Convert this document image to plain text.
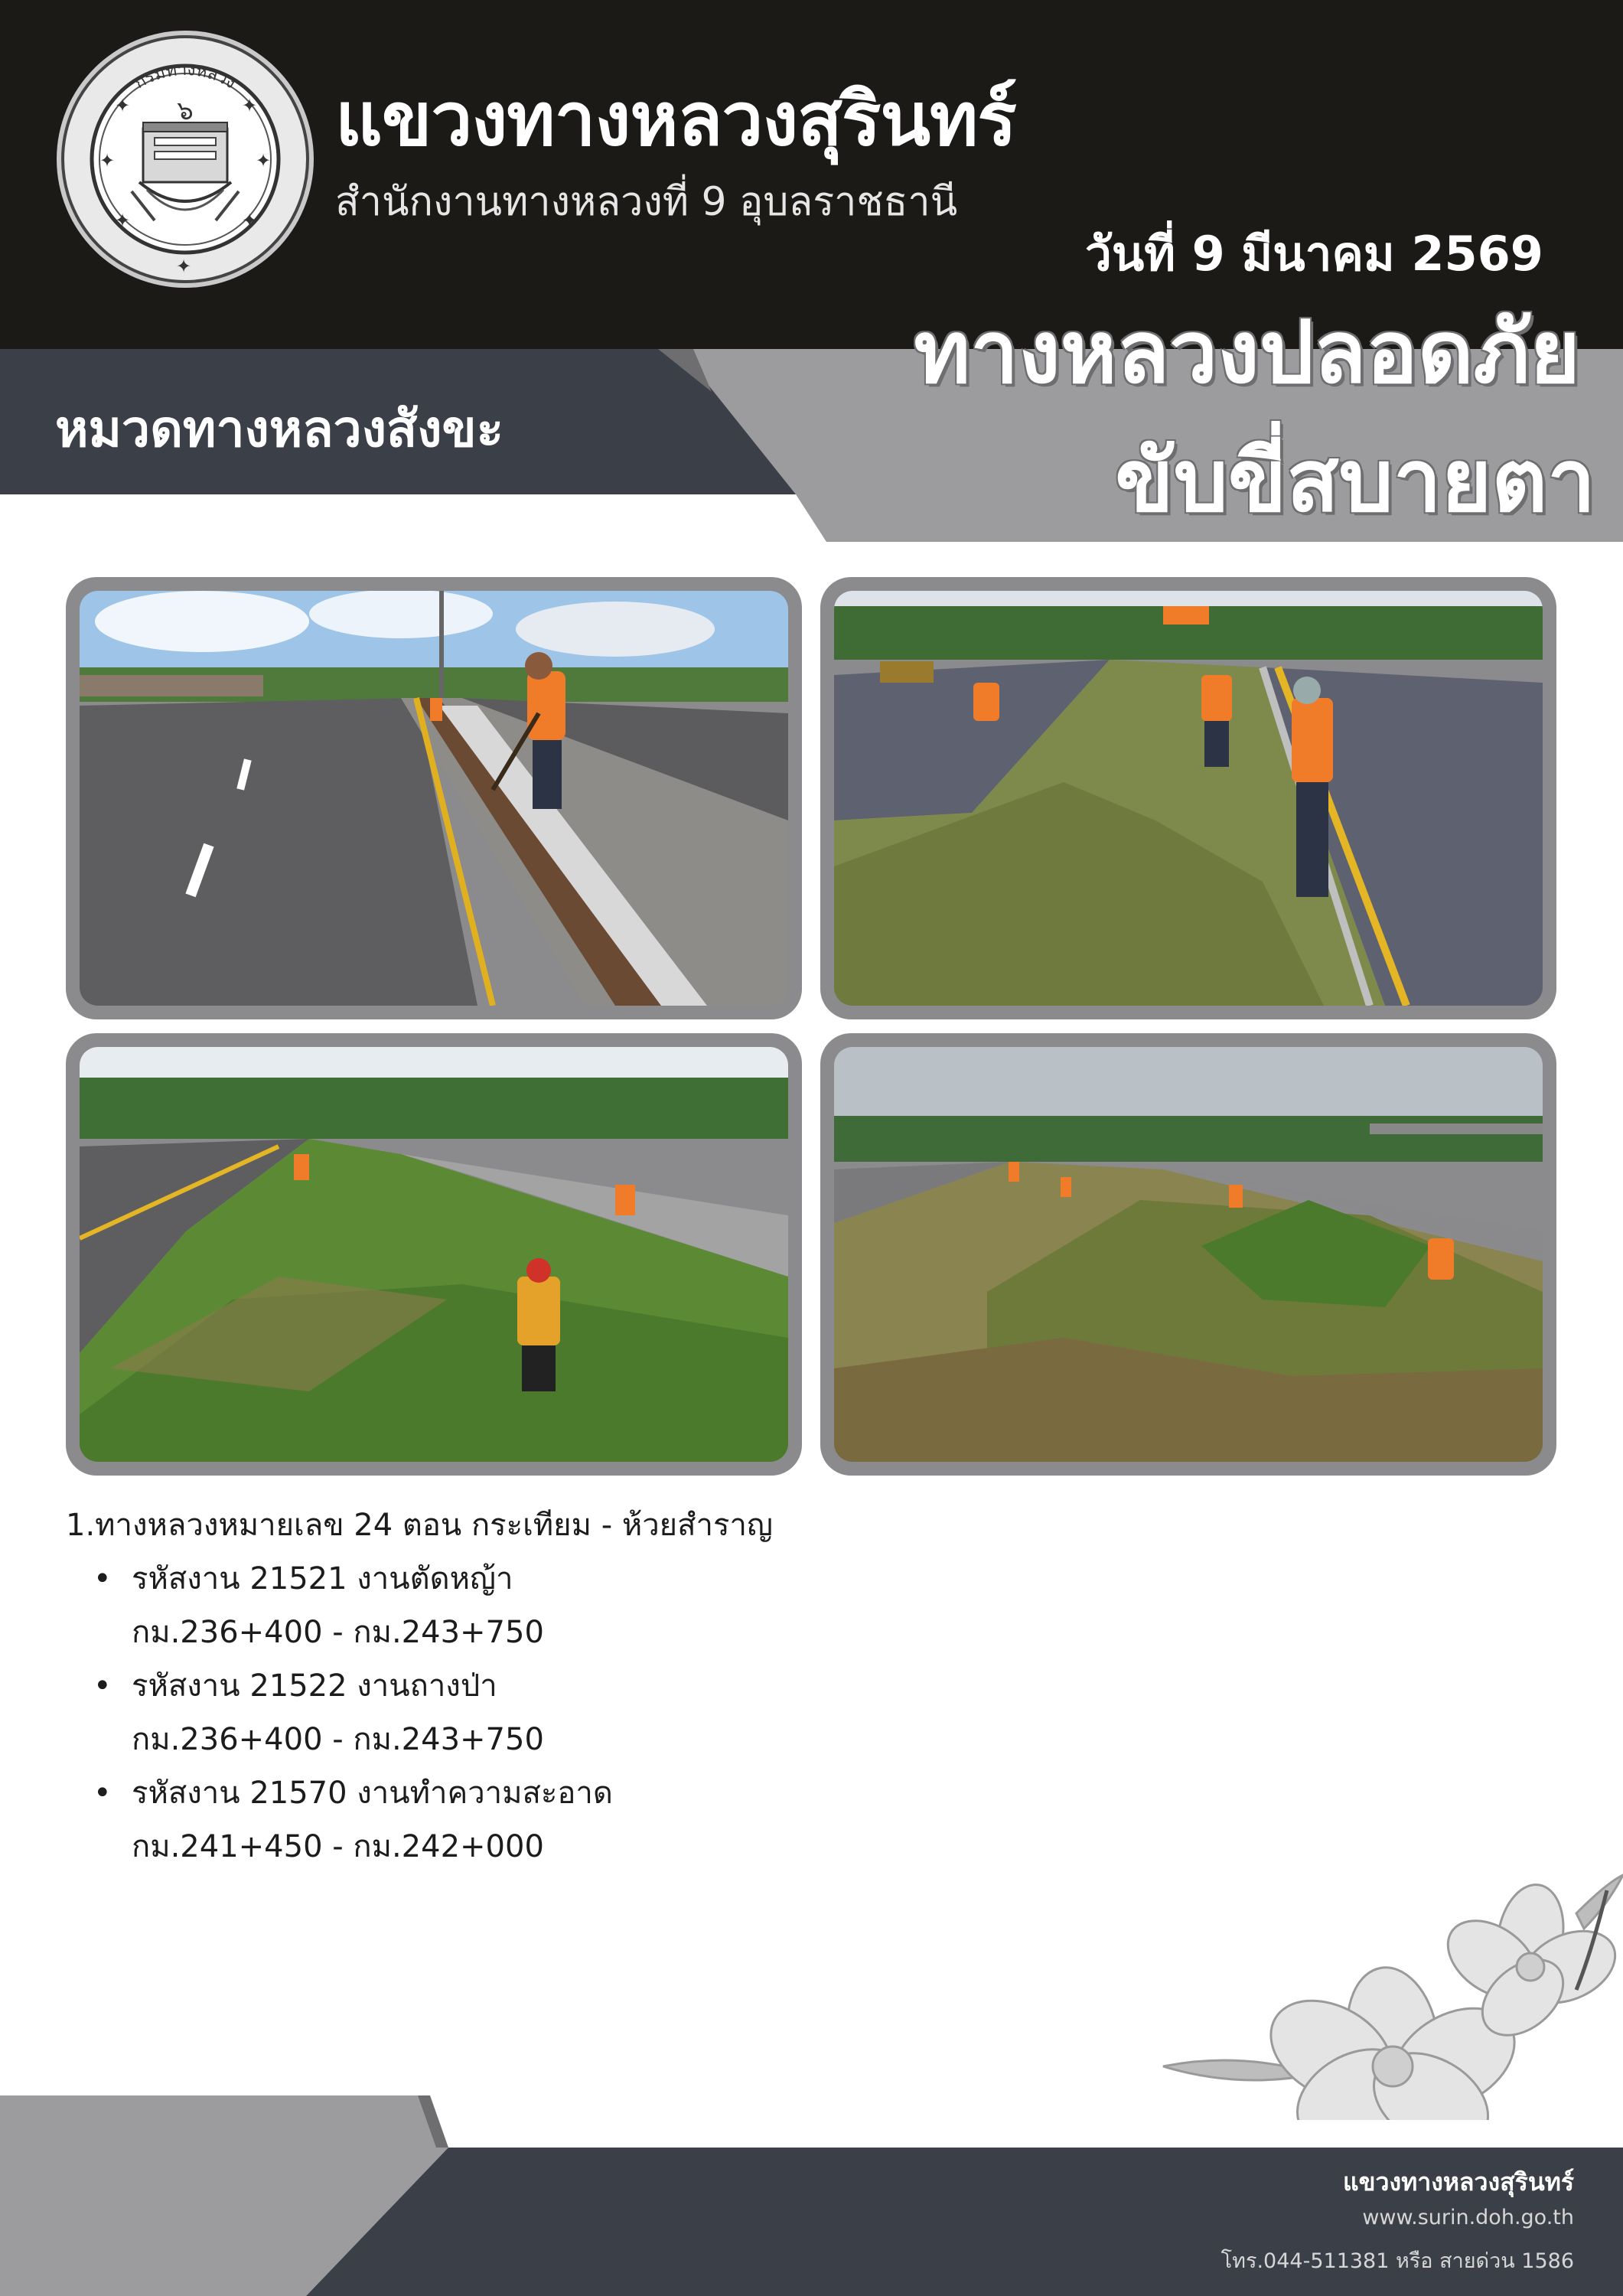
กรมทางหลวง
๖
✦	✦
✦	✦
✦	✦
✦
แขวงทางหลวงสุรินทร์
สำนักงานทางหลวงที่ 9 อุบลราชธานี
วันที่ 9 มีนาคม 2569
หมวดทางหลวงสังขะ
ทางหลวงปลอดภัย
ขับขี่สบายตา
1.ทางหลวงหมายเลข 24 ตอน กระเทียม - ห้วยสำราญ
• รหัสงาน 21521 งานตัดหญ้า
กม.236+400 - กม.243+750
• รหัสงาน 21522 งานถางป่า
กม.236+400 - กม.243+750
• รหัสงาน 21570 งานทำความสะอาด
กม.241+450 - กม.242+000
แขวงทางหลวงสุรินทร์
www.surin.doh.go.th
โทร.044-511381 หรือ สายด่วน 1586
